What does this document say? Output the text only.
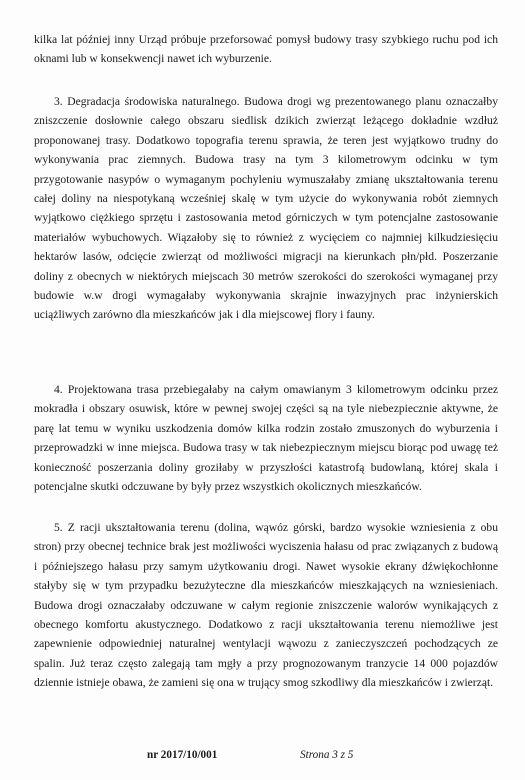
kilka lat później inny Urząd próbuje przeforsować pomysł budowy trasy szybkiego ruchu pod ich oknami lub w konsekwencji nawet ich wyburzenie.

3. Degradacja środowiska naturalnego. Budowa drogi wg prezentowanego planu oznaczałby zniszczenie dosłownie całego obszaru siedlisk dzikich zwierząt leżącego dokładnie wzdłuż proponowanej trasy. Dodatkowo topografia terenu sprawia, że teren jest wyjątkowo trudny do wykonywania prac ziemnych. Budowa trasy na tym 3 kilometrowym odcinku w tym przygotowanie nasypów o wymaganym pochyleniu wymuszałaby zmianę ukształtowania terenu całej doliny na niespotykaną wcześniej skalę w tym użycie do wykonywania robót ziemnych wyjątkowo ciężkiego sprzętu i zastosowania metod górniczych w tym potencjalne zastosowanie materiałów wybuchowych. Wiązałoby się to również z wycięciem co najmniej kilkudziesięciu hektarów lasów, odcięcie zwierząt od możliwości migracji na kierunkach płn/płd. Poszerzanie doliny z obecnych w niektórych miejscach 30 metrów szerokości do szerokości wymaganej przy budowie w.w drogi wymagałaby wykonywania skrajnie inwazyjnych prac inżynierskich uciążliwych zarówno dla mieszkańców jak i dla miejscowej flory i fauny.

4. Projektowana trasa przebiegałaby na całym omawianym 3 kilometrowym odcinku przez mokradła i obszary osuwisk, które w pewnej swojej części są na tyle niebezpiecznie aktywne, że parę lat temu w wyniku uszkodzenia domów kilka rodzin zostało zmuszonych do wyburzenia i przeprowadzki w inne miejsca. Budowa trasy w tak niebezpiecznym miejscu biorąc pod uwagę też konieczność poszerzania doliny groziłaby w przyszłości katastrofą budowlaną, której skala i potencjalne skutki odczuwane by były przez wszystkich okolicznych mieszkańców.

5. Z racji ukształtowania terenu (dolina, wąwóz górski, bardzo wysokie wzniesienia z obu stron) przy obecnej technice brak jest możliwości wyciszenia hałasu od prac związanych z budową i późniejszego hałasu przy samym użytkowaniu drogi. Nawet wysokie ekrany dźwiękochłonne stałyby się w tym przypadku bezużyteczne dla mieszkańców mieszkających na wzniesieniach. Budowa drogi oznaczałaby odczuwane w całym regionie zniszczenie walorów wynikających z obecnego komfortu akustycznego. Dodatkowo z racji ukształtowania terenu niemożliwe jest zapewnienie odpowiedniej naturalnej wentylacji wąwozu z zanieczyszczeń pochodzących ze spalin. Już teraz często zalegają tam mgły a przy prognozowanym tranzycie 14 000 pojazdów dziennie istnieje obawa, że zamieni się ona w trujący smog szkodliwy dla mieszkańców i zwierząt.

nr 2017/10/001	Strona 3 z 5
